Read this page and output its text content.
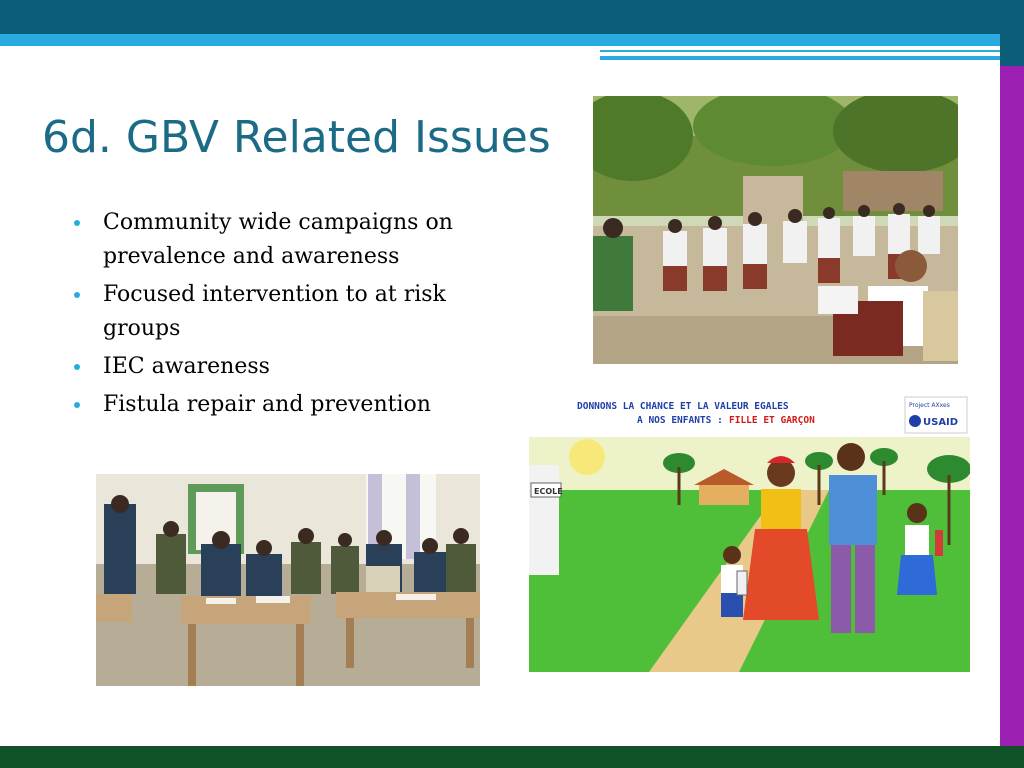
6d. GBV Related Issues
Community wide campaigns on prevalence and awareness
Focused intervention to at risk groups
IEC awareness
Fistula repair and prevention	DONNONS LA CHANCE ET LA VALEUR EGALES
A NOS ENFANTS : FILLE ET GARÇON
Project AXxes
USAID
ECOLE
